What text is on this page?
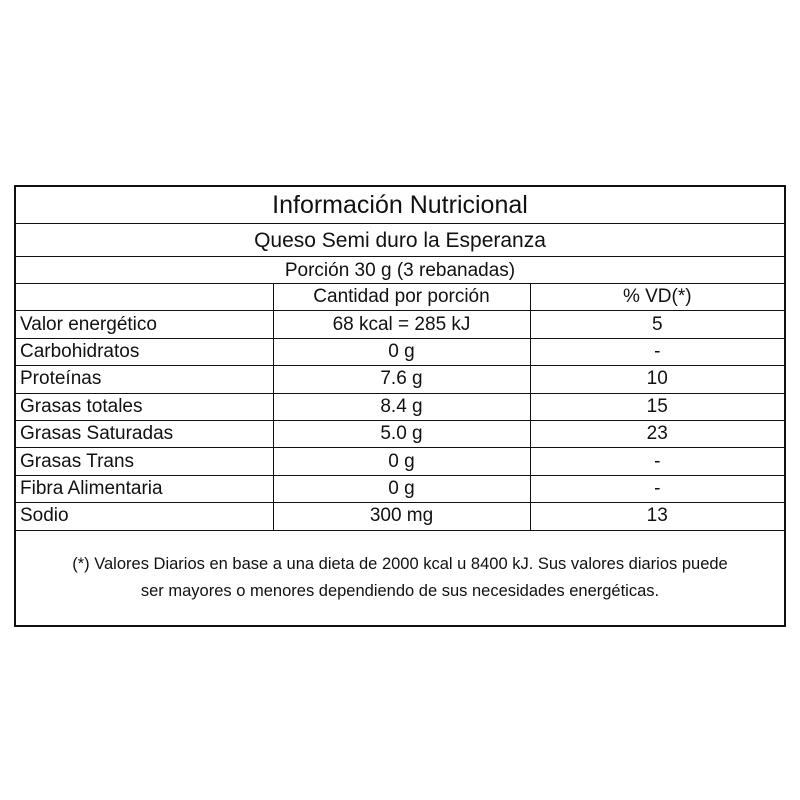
Información Nutricional
Queso Semi duro la Esperanza
Porción 30 g (3 rebanadas)
	Cantidad por porción	% VD(*)
Valor energético	68 kcal = 285 kJ	5
Carbohidratos	0 g	-
Proteínas	7.6 g	10
Grasas totales	8.4 g	15
Grasas Saturadas	5.0 g	23
Grasas Trans	0 g	-
Fibra Alimentaria	0 g	-
Sodio	300 mg	13
(*) Valores Diarios en base a una dieta de 2000 kcal u 8400 kJ. Sus valores diarios puede
ser mayores o menores dependiendo de sus necesidades energéticas.
